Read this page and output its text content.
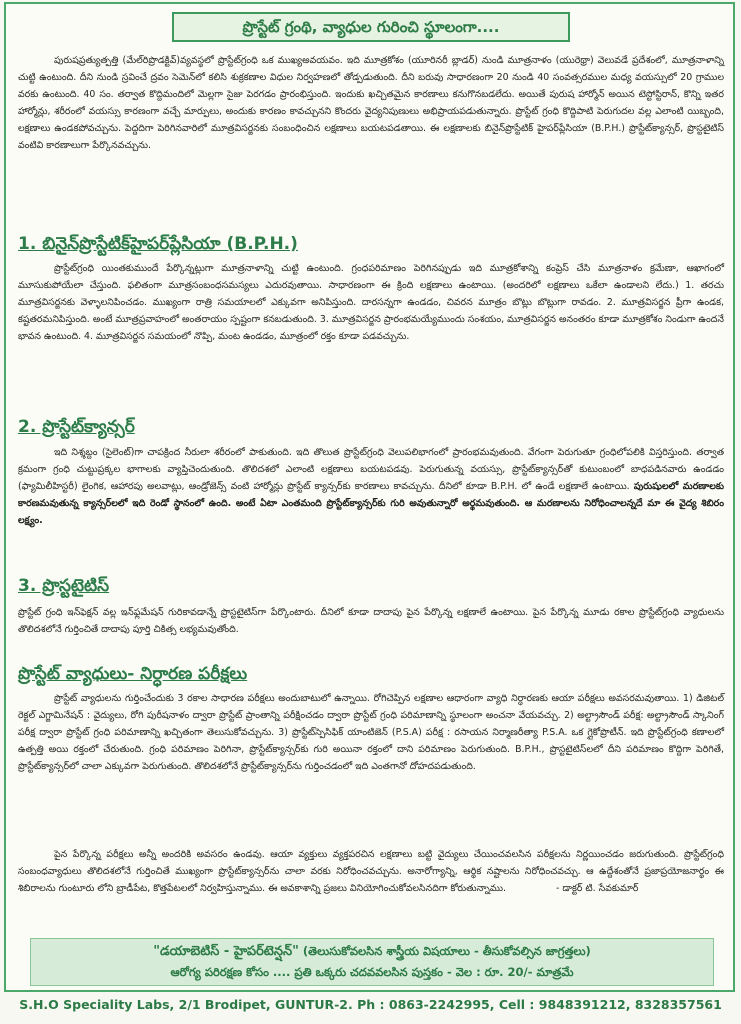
ప్రొస్టేట్ గ్రంథి, వ్యాధుల గురించి స్థూలంగా....

పురుషప్రత్యుత్పత్తి (మేల్‌రిప్రొడక్టివ్)వ్యవస్థలో ప్రొస్టేట్‌గ్రంధి ఒక ముఖ్యఅవయవం. ఇది మూత్రకోశం (యూరినరీ బ్లాడర్) నుండి మూత్రనాళం (యురెథ్రా) వెలువడే ప్రదేశంలో, మూత్రనాళాన్ని చుట్టి ఉంటుంది. దీని నుండి స్రవించే ద్రవం సెమెన్‌లో కలిసి శుక్రకణాల విధుల నిర్వహణలో తోడ్పడుతుంది. దీని బరువు సాధారణంగా 20 నుండి 40 సంవత్సరముల మధ్య వయస్సులో 20 గ్రాముల వరకు ఉంటుంది. 40 సం. తర్వాత కొద్దిమందిలో మెల్లగా సైజు పెరగడం ప్రారంభిస్తుంది. ఇందుకు ఖచ్చితమైన కారణాలు కనుగొనబడలేదు. అయితే పురుష హార్మోన్ అయిన టెస్టోస్టిరాన్, కొన్ని ఇతర హార్మోన్లు, శరీరంలో వయస్సు కారణంగా వచ్చే మార్పులు, అందుకు కారణం కావచ్చునని కొందరు వైద్యనిపుణులు అభిప్రాయపడుతున్నారు. ప్రొస్టేట్ గ్రంధి కొద్దిపాటి పెరుగుదల వల్ల ఎలాంటి యిబ్బంది, లక్షణాలు ఉండకపోవచ్చును. పెద్దదిగా పెరిగినవారిలో మూత్రవిసర్జనకు సంబంధించిన లక్షణాలు బయటపడతాయి. ఈ లక్షణాలకు బినైన్‌ప్రొస్టేటిక్ హైపర్‌ప్లేసియా (B.P.H.) ప్రొస్టేట్‌క్యాన్సర్, ప్రొస్టటైటిస్ వంటివి కారణాలుగా పేర్కొనవచ్చును.

1. బినైన్‌ప్రొస్టేటిక్‌హైపర్‌ప్లేసియా (B.P.H.)

ప్రొస్టేట్‌గ్రంధి యింతకుముందే పేర్కొన్నట్లుగా మూత్రనాళాన్ని చుట్టి ఉంటుంది. గ్రంధపరిమాణం పెరిగినప్పుడు ఇది మూత్రకోశాన్ని కంప్రెస్ చేసి మూత్రనాళం క్రమేణా, ఆఖాగంలో మూసుకుపోయేలా చేస్తుంది. ఫలితంగా మూత్రసంబంధసమస్యలు ఎదురవుతాయి. సాధారణంగా ఈ క్రింది లక్షణాలు ఉంటాయి. (అందరిలో లక్షణాలు ఒకేలా ఉండాలని లేదు.) 1. తరచు మూత్రవిసర్జనకు వెళ్ళాలనిపించడం. ముఖ్యంగా రాత్రి సమయాలలో ఎక్కువగా అనిపిస్తుంది. దారసన్నగా ఉండడం, చివరన మూత్రం బొట్లు బొట్లుగా రావడం. 2. మూత్రవిసర్జన ప్రీగా ఉండక, కష్టతరమనిపిస్తుంది. అంటే మూత్రప్రవాహంలో అంతరాయం స్పష్టంగా కనబడుతుంది. 3. మూత్రవిసర్జన ప్రారంభమయ్యేముందు సంశయం, మూత్రవిసర్జన అనంతరం కూడా మూత్రకోశం నిండుగా ఉందనే భావన ఉంటుంది. 4. మూత్రవిసర్జన సమయంలో నొప్పి, మంట ఉండడం, మూత్రంలో రక్తం కూడా పడవచ్చును.

2. ప్రొస్టేట్‌క్యాన్సర్

ఇది నిశ్శబ్దం (సైలెంట్)గా చాపక్రింద నీరులా శరీరంలో పాకుతుంది. ఇది తొలుత ప్రొస్టేట్‌గ్రంధి వెలుపలిభాగంలో ప్రారంభమవుతుంది. వేగంగా పెరుగుతూ గ్రంధిలోపలికి విస్తరిస్తుంది. తర్వాత క్రమంగా గ్రంధి చుట్టుప్రక్కల భాగాలకు వ్యాప్తిచెందుతుంది. తొలిదశలో ఎలాంటి లక్షణాలు బయటపడవు. పెరుగుతున్న వయస్సు, ప్రొస్టేట్‌క్యాన్సర్‌తో కుటుంబంలో బాధపడినవారు ఉండడం (ఫ్యామిలీహిస్టరీ) లైంగిక, ఆహారపు అలవాట్లు, ఆండ్రోజెన్స్ వంటి హార్మోన్లు ప్రొస్టేట్ క్యాన్సర్‌కు కారణాలు కావచ్చును. దీనిలో కూడా B.P.H. లో ఉండే లక్షణాలే ఉంటాయి. పురుషులలో మరణాలకు కారణమవుతున్న క్యాన్సర్‌లలో ఇది రెండో స్థానంలో ఉంది. అంటే ఏటా ఎంతమంది ప్రొస్టేట్‌క్యాన్సర్‌కు గురి అవుతున్నారో అర్థమవుతుంది. ఆ మరణాలను నిరోధించాలన్నదే మా ఈ వైద్య శిబిరం లక్ష్యం.

3. ప్రొస్టటైటిస్

ప్రొస్టేట్ గ్రంధి ఇన్‌ఫెక్షన్ వల్ల ఇన్‌ఫ్లమేషన్ గురికావడాన్నే ప్రొస్టటైటిస్‌గా పేర్కొంటారు. దీనిలో కూడా దాదాపు పైన పేర్కొన్న లక్షణాలే ఉంటాయి. పైన పేర్కొన్న మూడు రకాల ప్రొస్టేట్‌గ్రంధి వ్యాధులను తొలిదశలోనే గుర్తించితే దాదాపు పూర్తి చికిత్స లభ్యమవుతోంది.

ప్రొస్టేట్ వ్యాధులు- నిర్ధారణ పరీక్షలు

ప్రొస్టేట్ వ్యాధులను గుర్తించేందుకు 3 రకాల సాధారణ పరీక్షలు అందుబాటులో ఉన్నాయి. రోగిచెప్పిన లక్షణాల ఆధారంగా వ్యాధి నిర్ధారణకు ఆయా పరీక్షలు అవసరమవుతాయి. 1) డిజిటల్ రెక్టల్ ఎగ్జామినేషన్ : వైద్యులు, రోగి పురీషనాళం ద్వారా ప్రొస్టేట్ ప్రాంతాన్ని పరీక్షించడం ద్వారా ప్రొస్టేట్ గ్రంధి పరిమాణాన్ని స్థూలంగా అంచనా వేయవచ్చు. 2) అల్ట్రాసౌండ్ పరీక్ష: అల్ట్రాసౌండ్ స్కానింగ్ పరీక్ష ద్వారా ప్రొస్టేట్ గ్రంధి పరిమాణాన్ని ఖచ్చితంగా తెలుసుకోవచ్చును. 3) ప్రొస్టేట్‌స్పెసిఫిక్ యాంటిజెన్ (P.S.A) పరీక్ష : రసాయన నిర్మాణరీత్యా P.S.A. ఒక గ్లైకోప్రొటీన్. ఇది ప్రొస్టేట్‌గ్రంధి కణాలలో ఉత్పత్తి అయి రక్తంలో చేరుతుంది. గ్రంధి పరిమాణం పెరిగినా, ప్రొస్టేట్‌క్యాన్సర్‌కు గురి అయినా రక్తంలో దాని పరిమాణం పెరుగుతుంది. B.P.H., ప్రొస్టటైటిస్‌లలో దీని పరిమాణం కొద్దిగా పెరిగితే, ప్రొస్టేట్‌క్యాన్సర్‌లో చాలా ఎక్కువగా పెరుగుతుంది. తొలిదశలోనే ప్రొస్టేట్‌క్యాన్సర్‌ను గుర్తించడంలో ఇది ఎంతగానో దోహదపడుతుంది.

పైన పేర్కొన్న పరీక్షలు అన్నీ అందరికి అవసరం ఉండవు. ఆయా వ్యక్తులు వ్యక్తపరచిన లక్షణాలు బట్టి వైద్యులు చేయించవలసిన పరీక్షలను నిర్ణయించడం జరుగుతుంది. ప్రొస్టేట్‌గ్రంధి సంబంధవ్యాధులు తొలిదశలోనే గుర్తించితే ముఖ్యంగా ప్రొస్టేట్‌క్యాన్సర్‌ను చాలా వరకు నిరోధించవచ్చును. అనారోగ్యాన్ని, ఆర్థిక నష్టాలను నిరోధించవచ్చు. ఆ ఉద్దేశంతోనే ప్రజాప్రయోజనార్థం ఈ శిబిరాలను గుంటూరు లోని బ్రాడీపేట, కొత్తపేటలలో నిర్వహిస్తున్నాము. ఈ అవకాశాన్ని ప్రజలు వినియోగించుకోవలసినదిగా కోరుతున్నాము.	- డాక్టర్ టి. సేవకుమార్

"డయాబెటిస్ - హైపర్‌టెన్షన్" (తెలుసుకోవలసిన శాస్త్రీయ విషయాలు - తీసుకోవల్సిన జాగ్రత్తలు)
ఆరోగ్య పరిరక్షణ కోసం .... ప్రతి ఒక్కరు చదవవలసిన పుస్తకం - వెల : రూ. 20/- మాత్రమే
S.H.O Speciality Labs, 2/1 Brodipet, GUNTUR-2. Ph : 0863-2242995, Cell : 9848391212, 8328357561
